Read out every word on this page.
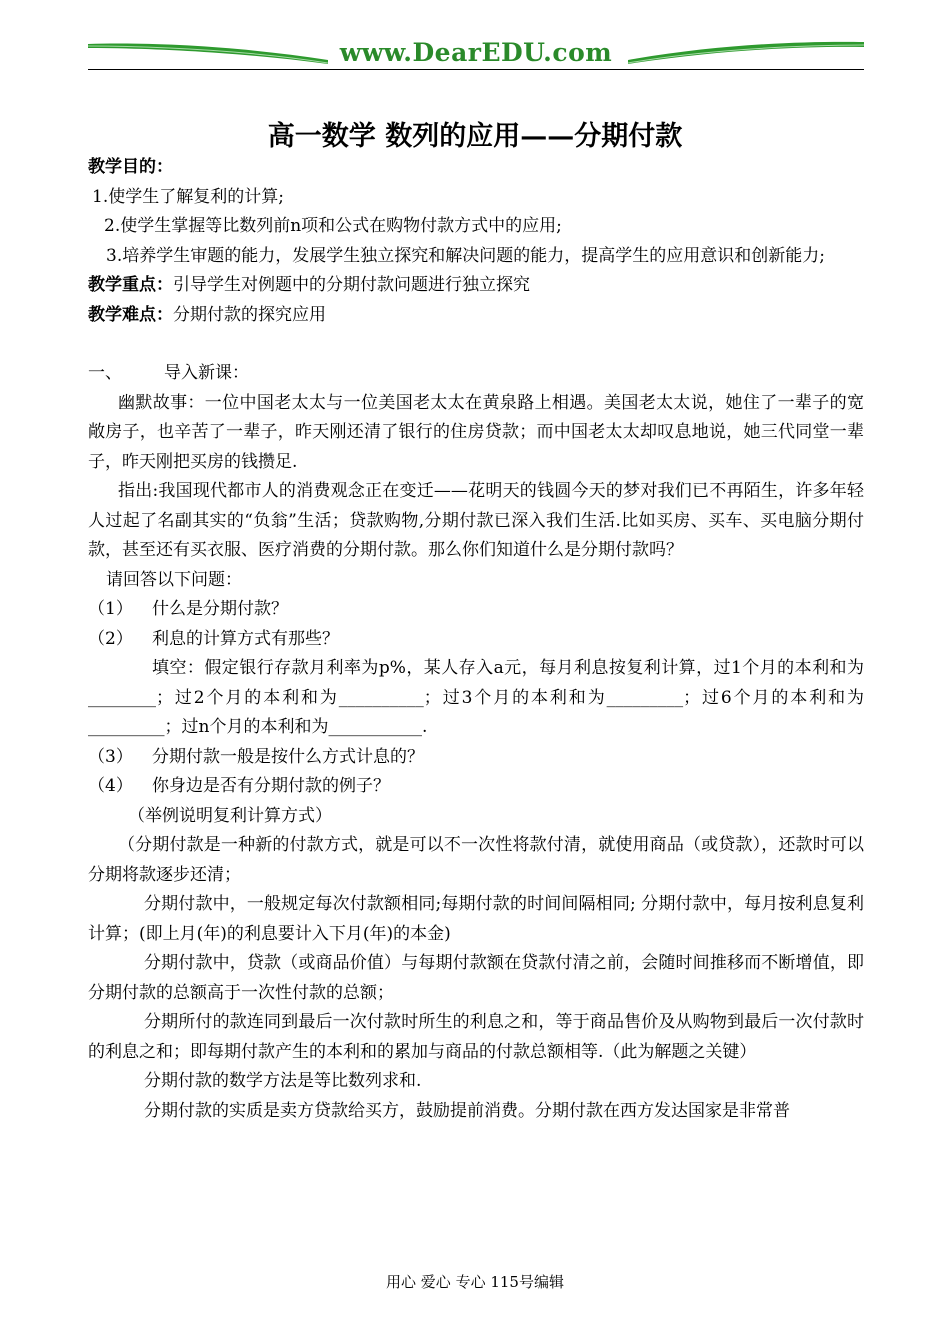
www.DearEDU.com
高一数学 数列的应用——分期付款

教学目的：

1.使学生了解复利的计算;

2.使学生掌握等比数列前n项和公式在购物付款方式中的应用;

3.培养学生审题的能力，发展学生独立探究和解决问题的能力，提高学生的应用意识和创新能力;

教学重点：引导学生对例题中的分期付款问题进行独立探究

教学难点：分期付款的探究应用

一、 导入新课：

幽默故事：一位中国老太太与一位美国老太太在黄泉路上相遇。美国老太太说，她住了一辈子的宽敞房子，也辛苦了一辈子，昨天刚还清了银行的住房贷款；而中国老太太却叹息地说，她三代同堂一辈子，昨天刚把买房的钱攒足.

指出:我国现代都市人的消费观念正在变迁——花明天的钱圆今天的梦对我们已不再陌生，许多年轻人过起了名副其实的“负翁”生活；贷款购物,分期付款已深入我们生活.比如买房、买车、买电脑分期付款，甚至还有买衣服、医疗消费的分期付款。那么你们知道什么是分期付款吗？

请回答以下问题：

（1） 什么是分期付款？

（2） 利息的计算方式有那些？

填空：假定银行存款月利率为p%，某人存入a元，每月利息按复利计算，过1个月的本利和为________；过2个月的本利和为__________；过3个月的本利和为_________；过6个月的本利和为_________；过n个月的本利和为___________.

（3） 分期付款一般是按什么方式计息的？

（4） 你身边是否有分期付款的例子？

（举例说明复利计算方式）

（分期付款是一种新的付款方式，就是可以不一次性将款付清，就使用商品（或贷款），还款时可以分期将款逐步还清；

分期付款中，一般规定每次付款额相同;每期付款的时间间隔相同; 分期付款中，每月按利息复利计算；(即上月(年)的利息要计入下月(年)的本金)

分期付款中，贷款（或商品价值）与每期付款额在贷款付清之前，会随时间推移而不断增值，即分期付款的总额高于一次性付款的总额；

分期所付的款连同到最后一次付款时所生的利息之和，等于商品售价及从购物到最后一次付款时的利息之和；即每期付款产生的本利和的累加与商品的付款总额相等.（此为解题之关键）

分期付款的数学方法是等比数列求和.

分期付款的实质是卖方贷款给买方，鼓励提前消费。分期付款在西方发达国家是非常普

用心 爱心 专心 115号编辑
